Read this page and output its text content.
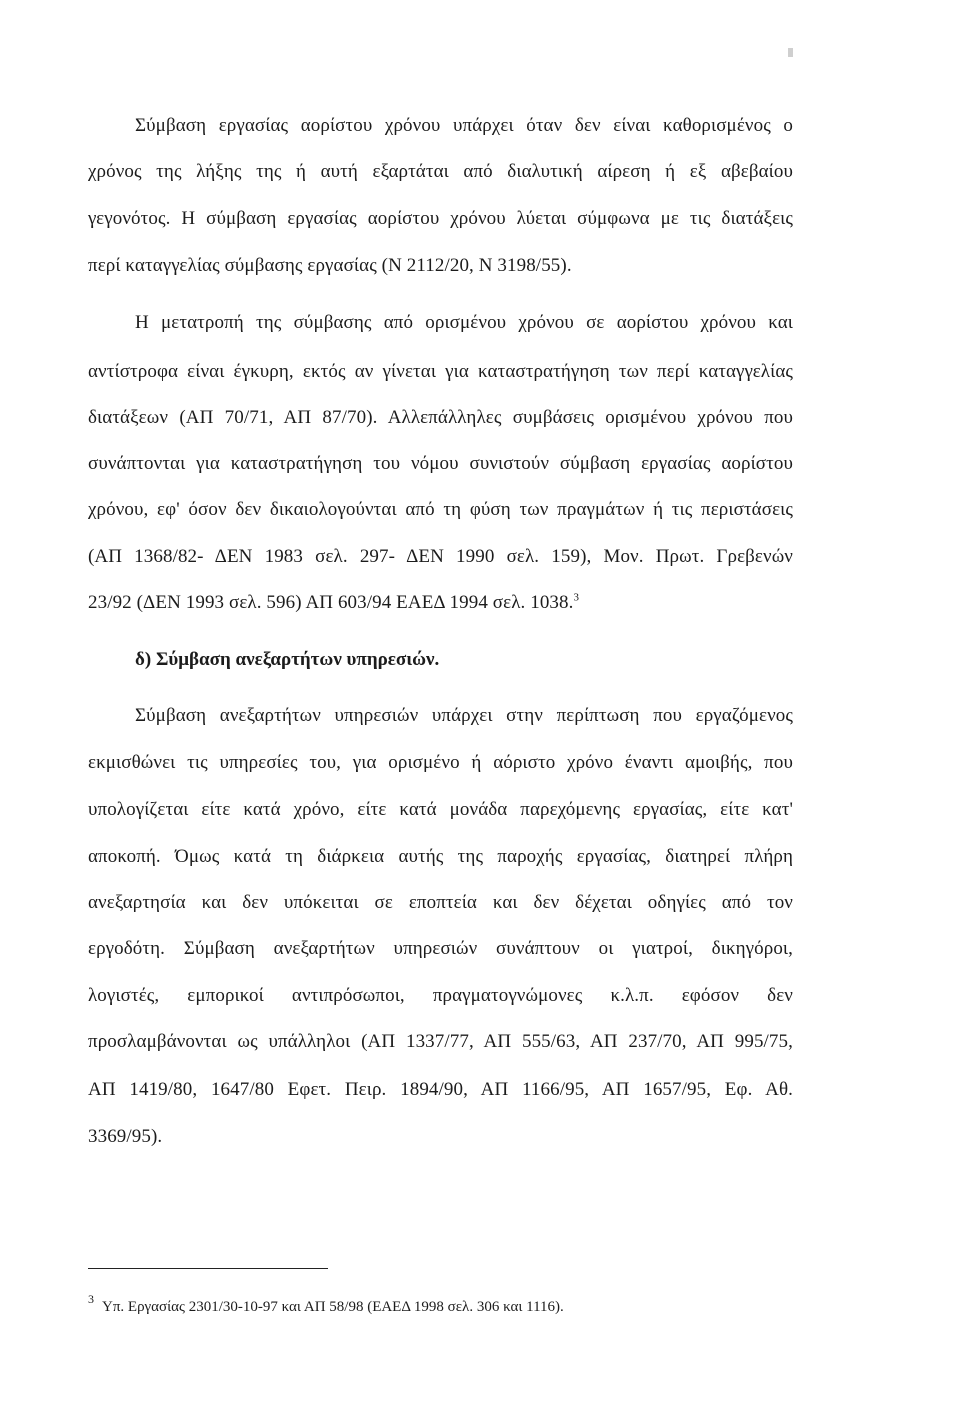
Σύμβαση εργασίας αορίστου χρόνου υπάρχει όταν δεν είναι καθορισμένος ο
χρόνος της λήξης της ή αυτή εξαρτάται από διαλυτική αίρεση ή εξ αβεβαίου
γεγονότος. Η σύμβαση εργασίας αορίστου χρόνου λύεται σύμφωνα με τις διατάξεις
περί καταγγελίας σύμβασης εργασίας (Ν 2112/20, Ν 3198/55).
Η μετατροπή της σύμβασης από ορισμένου χρόνου σε αορίστου χρόνου και
αντίστροφα είναι έγκυρη, εκτός αν γίνεται για καταστρατήγηση των περί καταγγελίας
διατάξεων (ΑΠ 70/71, ΑΠ 87/70). Αλλεπάλληλες συμβάσεις ορισμένου χρόνου που
συνάπτονται για καταστρατήγηση του νόμου συνιστούν σύμβαση εργασίας αορίστου
χρόνου, εφ' όσον δεν δικαιολογούνται από τη φύση των πραγμάτων ή τις περιστάσεις
(ΑΠ 1368/82- ΔΕΝ 1983 σελ. 297- ΔΕΝ 1990 σελ. 159), Μον. Πρωτ. Γρεβενών
23/92 (ΔΕΝ 1993 σελ. 596) ΑΠ 603/94 ΕΑΕΔ 1994 σελ. 1038.$^3$
δ) Σύμβαση ανεξαρτήτων υπηρεσιών.
Σύμβαση ανεξαρτήτων υπηρεσιών υπάρχει στην περίπτωση που εργαζόμενος
εκμισθώνει τις υπηρεσίες του, για ορισμένο ή αόριστο χρόνο έναντι αμοιβής, που
υπολογίζεται είτε κατά χρόνο, είτε κατά μονάδα παρεχόμενης εργασίας, είτε κατ'
αποκοπή. Όμως κατά τη διάρκεια αυτής της παροχής εργασίας, διατηρεί πλήρη
ανεξαρτησία και δεν υπόκειται σε εποπτεία και δεν δέχεται οδηγίες από τον
εργοδότη. Σύμβαση ανεξαρτήτων υπηρεσιών συνάπτουν οι γιατροί, δικηγόροι,
λογιστές, εμπορικοί αντιπρόσωποι, πραγματογνώμονες κ.λ.π. εφόσον δεν
προσλαμβάνονται ως υπάλληλοι (ΑΠ 1337/77, ΑΠ 555/63, ΑΠ 237/70, ΑΠ 995/75,
ΑΠ 1419/80, 1647/80 Εφετ. Πειρ. 1894/90, ΑΠ 1166/95, ΑΠ 1657/95, Εφ. Αθ.
3369/95).
3 Υπ. Εργασίας 2301/30-10-97 και ΑΠ 58/98 (ΕΑΕΔ 1998 σελ. 306 και 1116).
